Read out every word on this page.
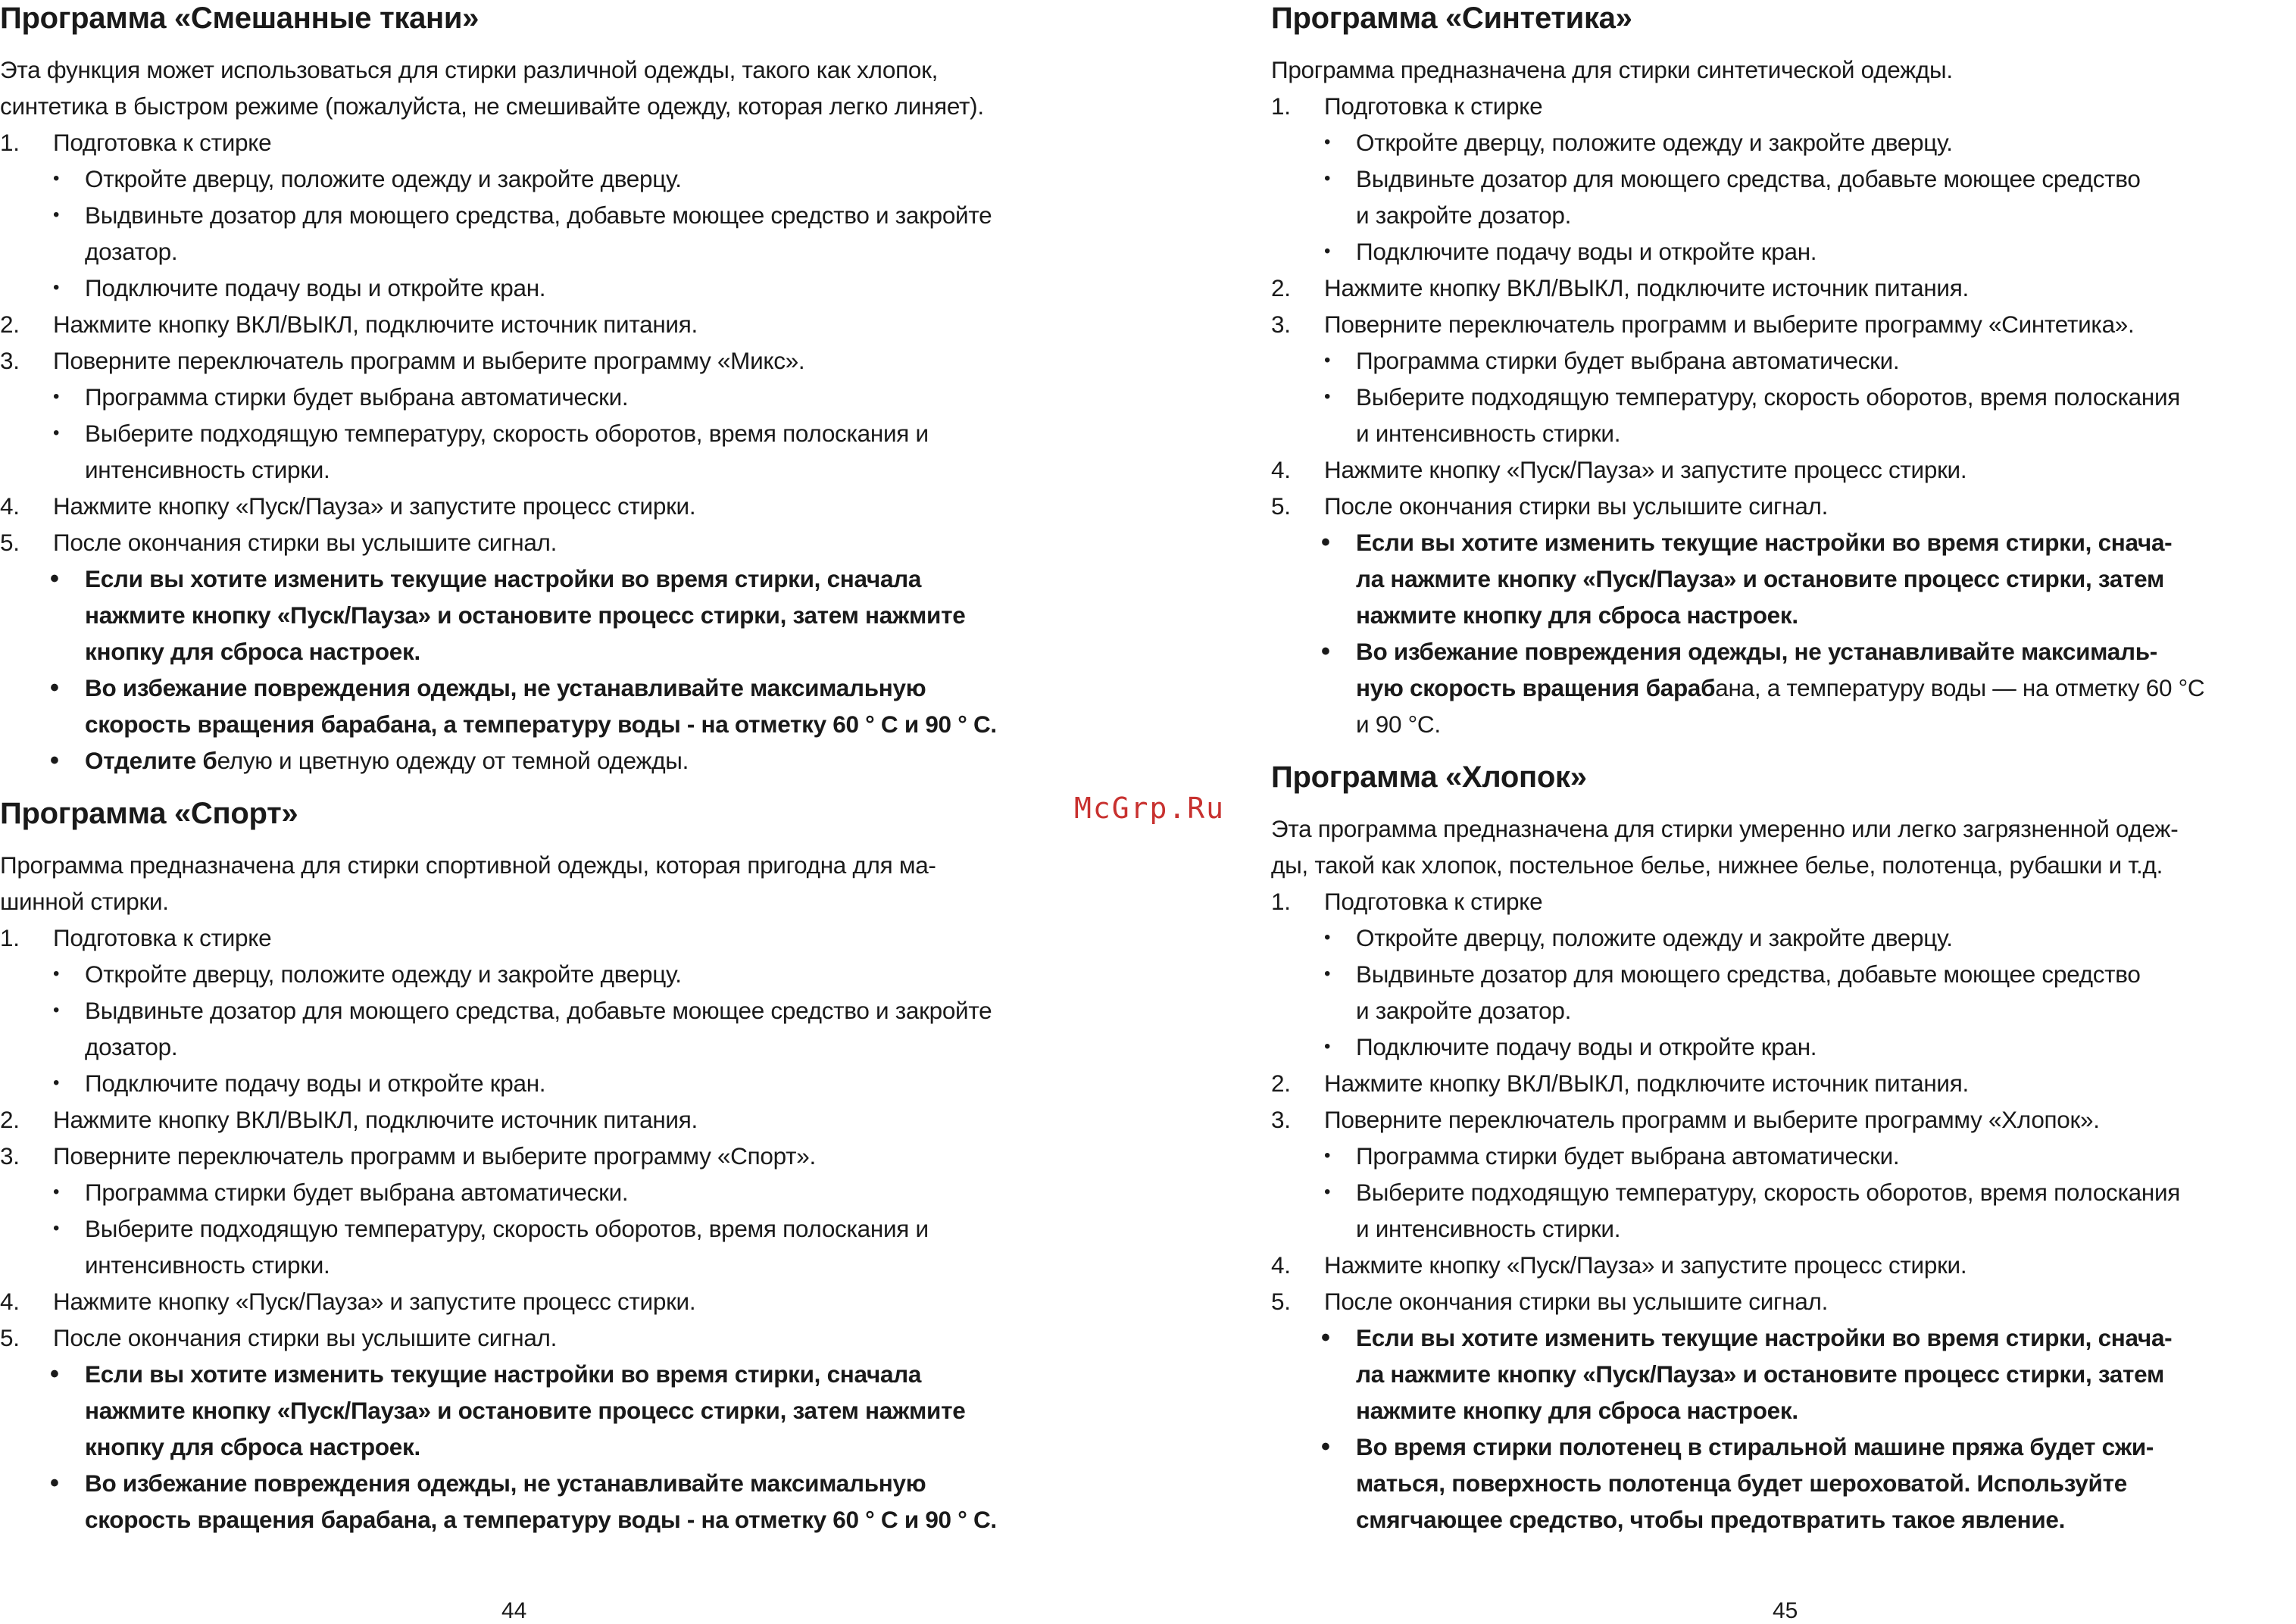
Программа «Смешанные ткани»
Эта функция может использоваться для стирки различной одежды, такого как хлопок,
синтетика в быстром режиме (пожалуйста, не смешивайте одежду, которая легко линяет).
1. Подготовка к стирке
• Откройте дверцу, положите одежду и закройте дверцу.
• Выдвиньте дозатор для моющего средства, добавьте моющее средство и закройте
дозатор.
• Подключите подачу воды и откройте кран.
2. Нажмите кнопку ВКЛ/ВЫКЛ, подключите источник питания.
3. Поверните переключатель программ и выберите программу «Микс».
• Программа стирки будет выбрана автоматически.
• Выберите подходящую температуру, скорость оборотов, время полоскания и
интенсивность стирки.
4. Нажмите кнопку «Пуск/Пауза» и запустите процесс стирки.
5. После окончания стирки вы услышите сигнал.
• Если вы хотите изменить текущие настройки во время стирки, сначала
нажмите кнопку «Пуск/Пауза» и остановите процесс стирки, затем нажмите
кнопку для сброса настроек.
• Во избежание повреждения одежды, не устанавливайте максимальную
скорость вращения барабана, а температуру воды - на отметку 60 ° С и 90 ° С.
• Отделите белую и цветную одежду от темной одежды.
Программа «Спорт»
Программа предназначена для стирки спортивной одежды, которая пригодна для ма-
шинной стирки.
1. Подготовка к стирке
• Откройте дверцу, положите одежду и закройте дверцу.
• Выдвиньте дозатор для моющего средства, добавьте моющее средство и закройте
дозатор.
• Подключите подачу воды и откройте кран.
2. Нажмите кнопку ВКЛ/ВЫКЛ, подключите источник питания.
3. Поверните переключатель программ и выберите программу «Спорт».
• Программа стирки будет выбрана автоматически.
• Выберите подходящую температуру, скорость оборотов, время полоскания и
интенсивность стирки.
4. Нажмите кнопку «Пуск/Пауза» и запустите процесс стирки.
5. После окончания стирки вы услышите сигнал.
• Если вы хотите изменить текущие настройки во время стирки, сначала
нажмите кнопку «Пуск/Пауза» и остановите процесс стирки, затем нажмите
кнопку для сброса настроек.
• Во избежание повреждения одежды, не устанавливайте максимальную
скорость вращения барабана, а температуру воды - на отметку 60 ° С и 90 ° С.
Программа «Синтетика»
Программа предназначена для стирки синтетической одежды.
1. Подготовка к стирке
• Откройте дверцу, положите одежду и закройте дверцу.
• Выдвиньте дозатор для моющего средства, добавьте моющее средство
и закройте дозатор.
• Подключите подачу воды и откройте кран.
2. Нажмите кнопку ВКЛ/ВЫКЛ, подключите источник питания.
3. Поверните переключатель программ и выберите программу «Синтетика».
• Программа стирки будет выбрана автоматически.
• Выберите подходящую температуру, скорость оборотов, время полоскания
и интенсивность стирки.
4. Нажмите кнопку «Пуск/Пауза» и запустите процесс стирки.
5. После окончания стирки вы услышите сигнал.
• Если вы хотите изменить текущие настройки во время стирки, снача-
ла нажмите кнопку «Пуск/Пауза» и остановите процесс стирки, затем
нажмите кнопку для сброса настроек.
• Во избежание повреждения одежды, не устанавливайте максималь-
ную скорость вращения барабана, а температуру воды — на отметку 60 °С
и 90 °С.
Программа «Хлопок»
Эта программа предназначена для стирки умеренно или легко загрязненной одеж-
ды, такой как хлопок, постельное белье, нижнее белье, полотенца, рубашки и т.д.
1. Подготовка к стирке
• Откройте дверцу, положите одежду и закройте дверцу.
• Выдвиньте дозатор для моющего средства, добавьте моющее средство
и закройте дозатор.
• Подключите подачу воды и откройте кран.
2. Нажмите кнопку ВКЛ/ВЫКЛ, подключите источник питания.
3. Поверните переключатель программ и выберите программу «Хлопок».
• Программа стирки будет выбрана автоматически.
• Выберите подходящую температуру, скорость оборотов, время полоскания
и интенсивность стирки.
4. Нажмите кнопку «Пуск/Пауза» и запустите процесс стирки.
5. После окончания стирки вы услышите сигнал.
• Если вы хотите изменить текущие настройки во время стирки, снача-
ла нажмите кнопку «Пуск/Пауза» и остановите процесс стирки, затем
нажмите кнопку для сброса настроек.
• Во время стирки полотенец в стиральной машине пряжа будет сжи-
маться, поверхность полотенца будет шероховатой. Используйте
смягчающее средство, чтобы предотвратить такое явление.
McGrp.Ru
44	45
